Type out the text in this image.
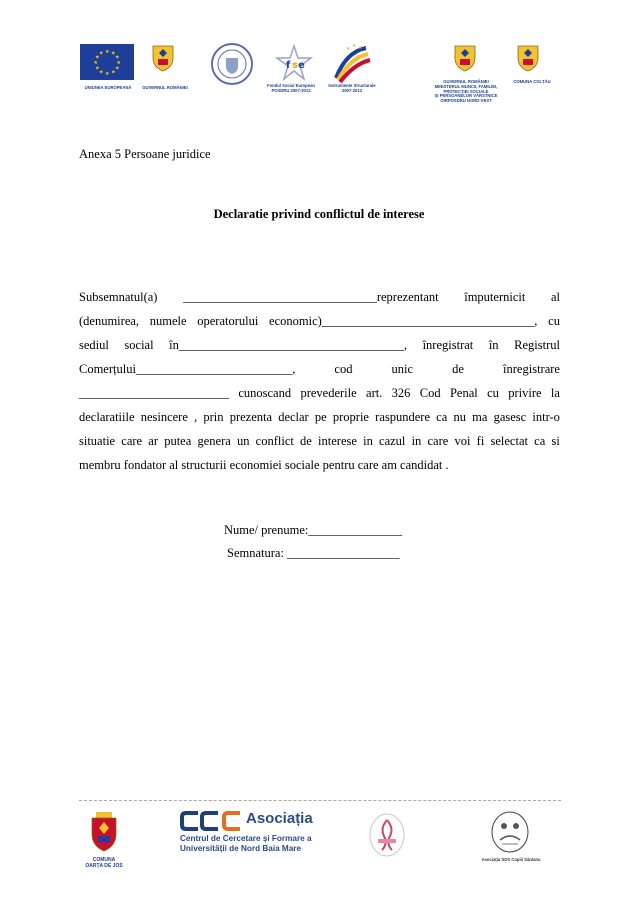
★ ★
★
★
★
★
★
★
★
★
★
★
UNIUNEA EUROPEANĂ	GUVERNUL ROMÂNIEI
f s e
Fondul Social European
POSDRU 2007-2013
★ ★ ★
Instrumente Structurale
2007-2013
GUVERNUL ROMÂNIEI
MINISTERUL MUNCII, FAMILIEI,
PROTECȚIEI SOCIALE
ȘI PERSOANELOR VÂRSTNICE
OIRPOSDRU NORD-VEST
COMUNA COLȚĂU
Anexa 5 Persoane juridice
Declaratie privind conflictul de interese
Subsemnatul(a) _______________________________reprezentant împuternicit al
(denumirea, numele operatorului economic)__________________________________, cu
sediul social în____________________________________, înregistrat în Registrul
Comerțului_________________________,	cod	unic	de	înregistrare
________________________ cunoscand prevederile art. 326 Cod Penal cu privire la
declaratiile nesincere , prin prezenta declar pe proprie raspundere ca nu ma gasesc intr-o
situatie care ar putea genera un conflict de interese in cazul in care voi fi selectat ca si
membru fondator al structurii economiei sociale pentru care am candidat .
Nume/ prenume:_______________
Semnatura: __________________
COMUNA
OARȚA DE JOS
Asociația
Centrul de Cercetare și Formare a
Universității de Nord Baia Mare
Asociația SOS Copiii Sântana
